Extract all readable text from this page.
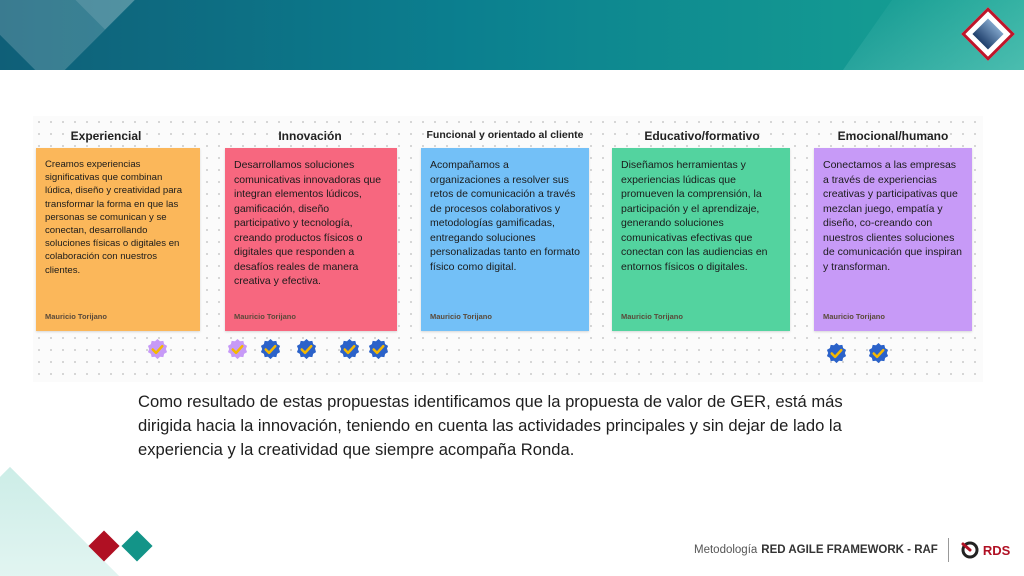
Experiencial	Innovación	Funcional y orientado al cliente	Educativo/formativo	Emocional/humano
Creamos experiencias significativas que combinan lúdica, diseño y creatividad para transformar la forma en que las personas se comunican y se conectan, desarrollando soluciones físicas o digitales en colaboración con nuestros clientes.
Mauricio Torijano
Desarrollamos soluciones comunicativas innovadoras que integran elementos lúdicos, gamificación, diseño participativo y tecnología, creando productos físicos o digitales que responden a desafíos reales de manera creativa y efectiva.
Mauricio Torijano
Acompañamos a organizaciones a resolver sus retos de comunicación a través de procesos colaborativos y metodologías gamificadas, entregando soluciones personalizadas tanto en formato físico como digital.
Mauricio Torijano
Diseñamos herramientas y experiencias lúdicas que promueven la comprensión, la participación y el aprendizaje, generando soluciones comunicativas efectivas que conectan con las audiencias en entornos físicos o digitales.
Mauricio Torijano
Conectamos a las empresas a través de experiencias creativas y participativas que mezclan juego, empatía y diseño, co-creando con nuestros clientes soluciones de comunicación que inspiran y transforman.
Mauricio Torijano
Como resultado de estas propuestas identificamos que la propuesta de valor de GER, está más dirigida hacia la innovación, teniendo en cuenta las actividades principales y sin dejar de lado la experiencia y la creatividad que siempre acompaña Ronda.
Metodología RED AGILE FRAMEWORK - RAF	RDS
